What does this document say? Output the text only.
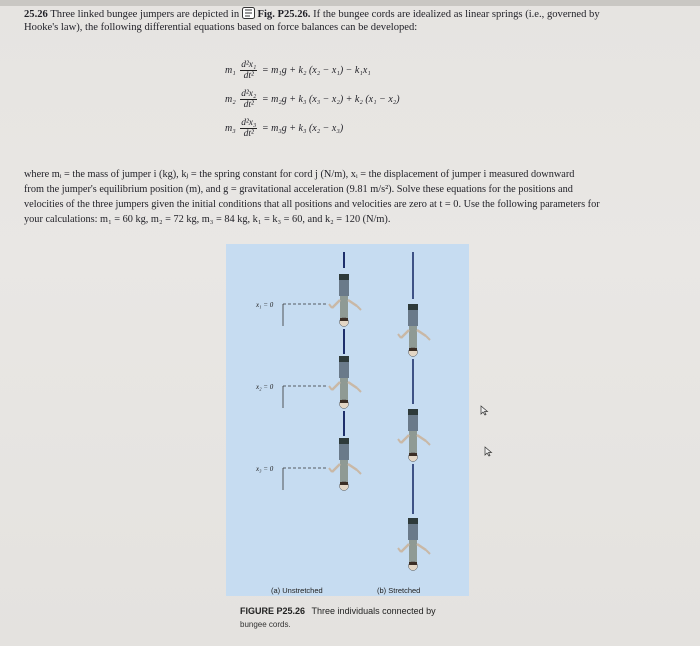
25.26 Three linked bungee jumpers are depicted in Fig. P25.26. If the bungee cords are idealized as linear springs (i.e., governed by
Hooke's law), the following differential equations based on force balances can be developed:
$m_1 \frac{\text{d²x₁}}{\text{dt²}} = m_1g + k_2$ (x₂ − x₁) − k₁x₁
$m_2 \frac{\text{d²x₂}}{\text{dt²}} = m_2g + k_3$ (x₃ − x₂) + k₂ (x₁ − x₂)
$m_3 \frac{\text{d²x₃}}{\text{dt²}} = m_3g + k_3$ (x₂ − x₃)
where mᵢ = the mass of jumper i (kg), kⱼ = the spring constant for cord j (N/m), xᵢ = the displacement of jumper i measured downward
from the jumper's equilibrium position (m), and g = gravitational acceleration (9.81 m/s²). Solve these equations for the positions and
velocities of the three jumpers given the initial conditions that all positions and velocities are zero at t = 0. Use the following parameters for
your calculations: m₁ = 60 kg, m₂ = 72 kg, m₃ = 84 kg, k₁ = k₃ = 60, and k₂ = 120 (N/m).
x₁ = 0
x₂ = 0
x₃ = 0
(a) Unstretched	(b) Stretched
FIGURE P25.26 Three individuals connected by
bungee cords.
